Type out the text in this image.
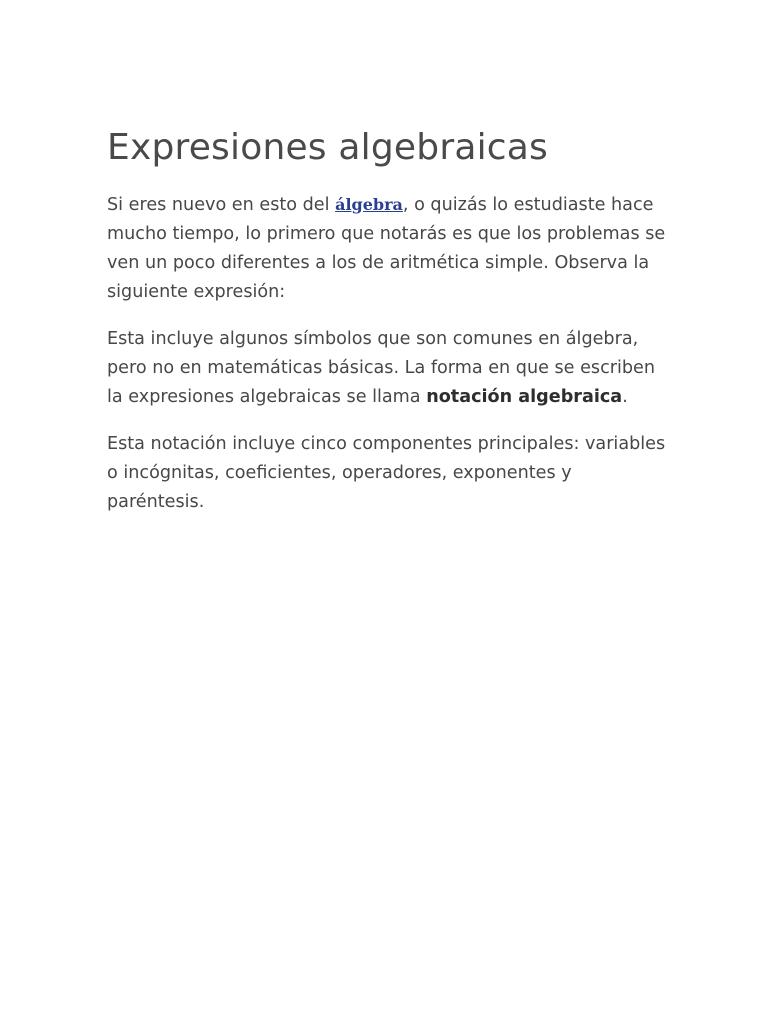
Expresiones algebraicas

Si eres nuevo en esto del álgebra, o quizás lo estudiaste hace mucho tiempo, lo primero que notarás es que los problemas se ven un poco diferentes a los de aritmética simple. Observa la siguiente expresión:

Esta incluye algunos símbolos que son comunes en álgebra, pero no en matemáticas básicas. La forma en que se escriben la expresiones algebraicas se llama notación algebraica.

Esta notación incluye cinco componentes principales: variables o incógnitas, coeficientes, operadores, exponentes y paréntesis.
